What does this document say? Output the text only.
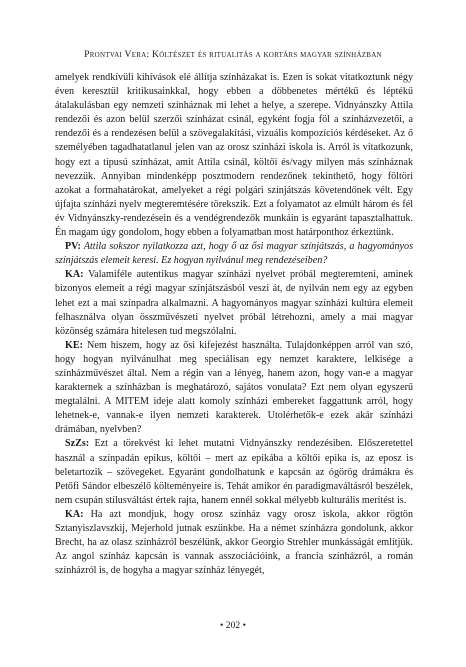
Prontvai Vera: Költészet és ritualitás a kortárs magyar színházban

amelyek rendkívüli kihívások elé állítja színházakat is. Ezen is sokat vitatkoztunk négy éven keresztül kritikusainkkal, hogy ebben a döbbenetes mértékű és léptékű átalakulásban egy nemzeti színháznak mi lehet a helye, a szerepe. Vidnyánszky Attila rendezői és azon belül szerzői színházat csinál, egyként fogja föl a színházvezetői, a rendezői és a rendezésen belül a szövegalakítási, vizuális kompozíciós kérdéseket. Az ő személyében tagadhatatlanul jelen van az orosz színházi iskola is. Arról is vitatkozunk, hogy ezt a típusú színházat, amit Attila csinál, költői és/vagy milyen más színháznak nevezzük. Annyiban mindenképp posztmodern rendezőnek tekinthető, hogy föltöri azokat a formahatárokat, amelyeket a régi polgári színjátszás követendőnek vélt. Egy újfajta színházi nyelv megteremtésére törekszik. Ezt a folyamatot az elmúlt három és fél év Vidnyánszky-rendezésein és a vendégrendezők munkáin is egyaránt tapasztalhattuk. Én magam úgy gondolom, hogy ebben a folyamatban most határponthoz érkeztünk.

PV: Attila sokszor nyilatkozza azt, hogy ő az ősi magyar színjátszás, a hagyományos színjátszás elemeit keresi. Ez hogyan nyilvánul meg rendezéseiben?

KA: Valamiféle autentikus magyar színházi nyelvet próbál megteremteni, aminek bizonyos elemeit a régi magyar színjátszásból veszi át, de nyilván nem egy az egyben lehet ezt a mai színpadra alkalmazni. A hagyományos magyar színházi kultúra elemeit felhasználva olyan összművészeti nyelvet próbál létrehozni, amely a mai magyar közönség számára hitelesen tud megszólalni.

KE: Nem hiszem, hogy az ősi kifejezést használta. Tulajdonképpen arról van szó, hogy hogyan nyilvánulhat meg speciálisan egy nemzet karaktere, lelkisége a színházművészet által. Nem a régin van a lényeg, hanem azon, hogy van-e a magyar karakternek a színházban is meghatározó, sajátos vonulata? Ezt nem olyan egyszerű megtalálni. A MITEM ideje alatt komoly színházi embereket faggattunk arról, hogy lehetnek-e, vannak-e ilyen nemzeti karakterek. Utolérhetők-e ezek akár színházi drámában, nyelvben?

SzZs: Ezt a törekvést ki lehet mutatni Vidnyánszky rendezésiben. Előszeretettel használ a színpadán epikus, költői – mert az epikába a költői epika is, az eposz is beletartozik – szövegeket. Egyaránt gondolhatunk e kapcsán az ógörög drámákra és Petőfi Sándor elbeszélő költeményeire is. Tehát amikor én paradigmaváltásról beszélek, nem csupán stílusváltást értek rajta, hanem ennél sokkal mélyebb kulturális merítést is.

KA: Ha azt mondjuk, hogy orosz színház vagy orosz iskola, akkor rögtön Sztanyiszlavszkij, Mejerhold jutnak eszünkbe. Ha a német színházra gondolunk, akkor Brecht, ha az olasz színházról beszélünk, akkor Georgio Strehler munkásságát említjük. Az angol színház kapcsán is vannak asszociációink, a francia színházról, a román színházról is, de hogyha a magyar színház lényegét,

• 202 •
